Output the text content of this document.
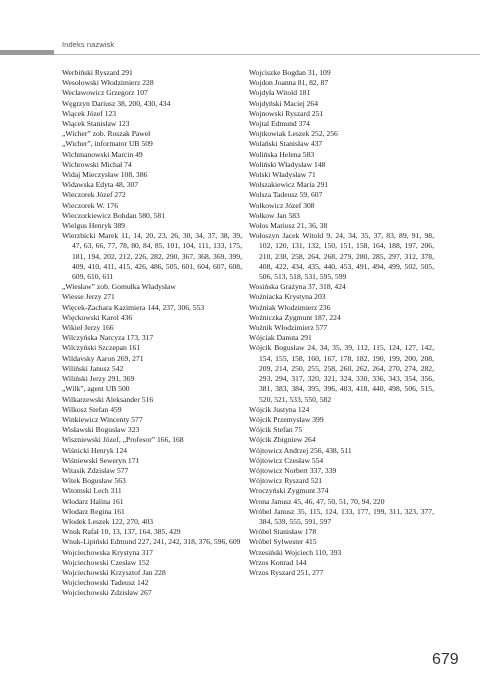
Indeks nazwisk

Werbiński Ryszard 291

Wesołowski Włodzimierz 228

Wecławowicz Grzegorz 107

Węgrzyn Dariusz 38, 200, 430, 434

Wiącek Józef 123

Wiącek Stanisław 123

„Wicher” zob. Roszak Paweł

„Wicher”, informator UB 509

Wichmanowski Marcin 49

Wichrowski Michał 74

Widaj Mieczysław 108, 386

Widawska Edyta 48, 307

Wieczorek Józef 272

Wieczorek W. 176

Wieczorkiewicz Bohdan 580, 581

Wielgus Henryk 389

Wierzbicki Marek 11, 14, 20, 23, 26, 30, 34, 37, 38, 39, 47, 63, 66, 77, 78, 80, 84, 85, 101, 104, 111, 133, 175, 181, 194, 202, 212, 226, 282, 290, 367, 368, 369, 399, 409, 410, 411, 415, 426, 486, 505, 601, 604, 607, 608, 609, 610, 611

„Wiesław” zob. Gomułka Władysław

Wiesse Jerzy 271

Więcek-Zachara Kazimiera 144, 237, 306, 553

Więckowski Karol 436

Wikieł Jerzy 166

Wilczyńska Narcyza 173, 317

Wilczyński Szczepan 161

Wildavsky Aaron 269, 271

Wiliński Janusz 542

Wiliński Jerzy 291, 369

„Wilk”, agent UB 500

Wilkarzewski Aleksander 516

Wilkosz Stefan 459

Winkiewicz Wincenty 577

Wisławski Bogusław 323

Wiszniewski Józef, „Profesor” 166, 168

Wiśnicki Henryk 124

Wiśniewski Seweryn 171

Witasik Zdzisław 577

Witek Bogusław 563

Witomski Lech 311

Włodarz Halina 161

Włodarz Regina 161

Włodek Leszek 122, 270, 403

Wnuk Rafał 10, 13, 137, 164, 385, 429

Wnuk-Lipiński Edmund 227, 241, 242, 318, 376, 596, 609

Wojciechowska Krystyna 317

Wojciechowski Czesław 152

Wojciechowski Krzysztof Jan 228

Wojciechowski Tadeusz 142

Wojciechowski Zdzisław 267

Wojciszke Bogdan 31, 109

Wojdon Joanna 81, 82, 87

Wojdyła Witold 181

Wojdyński Maciej 264

Wojnowski Ryszard 251

Wojtal Edmund 374

Wojtkowiak Leszek 252, 256

Wolański Stanisław 437

Wolińska Helena 583

Woliński Władysław 148

Wolski Władysław 71

Wolszakiewicz Maria 291

Wolsza Tadeusz 59, 607

Wołkowicz Józef 308

Wołkow Jan 583

Wołos Mariusz 21, 36, 38

Wołoszyn Jacek Witold 9, 24, 34, 35, 37, 83, 89, 91, 98, 102, 120, 131, 132, 150, 151, 158, 164, 188, 197, 206, 210, 238, 258, 264, 268, 279, 280, 285, 297, 312, 378, 408, 422, 434, 435, 440, 453, 491, 494, 499, 502, 505, 506, 513, 518, 531, 595, 599

Wosińska Grażyna 37, 318, 424

Woźniacka Krystyna 203

Woźniak Włodzimierz 236

Woźniczka Zygmunt 187, 224

Woźnik Włodzimierz 577

Wójciak Danuta 291

Wójcik Bogusław 24, 34, 35, 39, 112, 115, 124, 127, 142, 154, 155, 158, 160, 167, 178, 182, 190, 199, 200, 208, 209, 214, 250, 255, 258, 260, 262, 264, 270, 274, 282, 293, 294, 317, 320, 321, 324, 330, 336, 343, 354, 356, 381, 383, 384, 395, 396, 403, 418, 440, 498, 506, 515, 520, 521, 533, 550, 582

Wójcik Justyna 124

Wójcik Przemysław 399

Wójcik Stefan 75

Wójcik Zbigniew 264

Wójtowicz Andrzej 256, 438, 511

Wójtowicz Czesław 554

Wójtowicz Norbert 337, 339

Wójtowicz Ryszard 521

Wroczyński Zygmunt 374

Wrona Janusz 45, 46, 47, 50, 51, 70, 94, 220

Wróbel Janusz 35, 115, 124, 133, 177, 199, 311, 323, 377, 384, 539, 555, 591, 597

Wróbel Stanisław 178

Wróbel Sylwester 415

Wrzesiński Wojciech 110, 393

Wrzos Konrad 144

Wrzos Ryszard 251, 277

679
